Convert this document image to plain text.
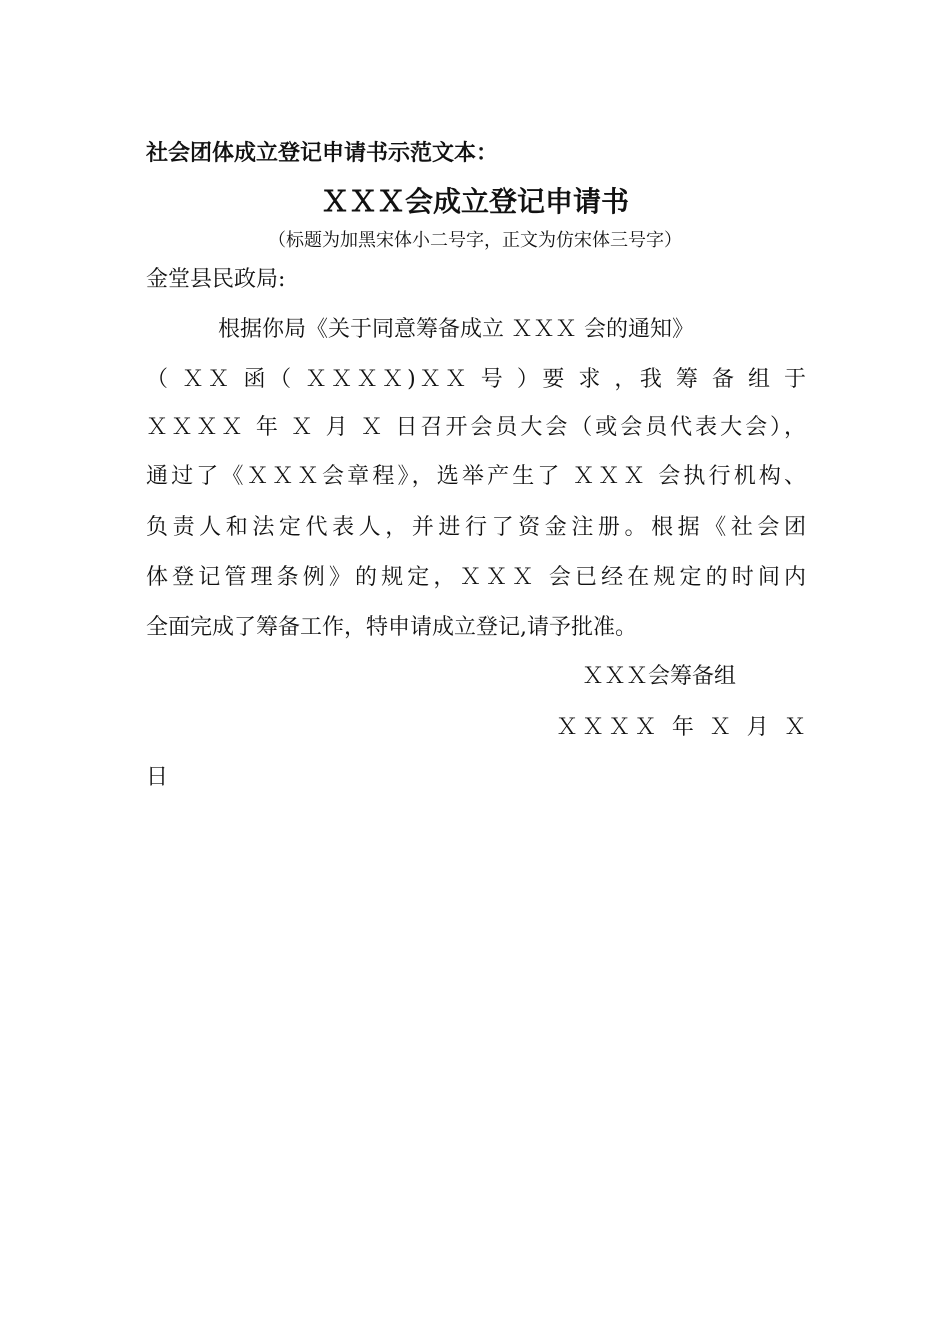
社会团体成立登记申请书示范文本：
ＸＸＸ会成立登记申请书
（标题为加黑宋体小二号字，正文为仿宋体三号字）
金堂县民政局:
根据你局《关于同意筹备成立 ＸＸＸ 会的通知》
（ ＸＸ 函（ ＸＸＸＸ)ＸＸ 号 ）要 求 ，我 筹 备 组 于
ＸＸＸＸ 年 Ｘ 月 Ｘ 日召开会员大会（或会员代表大会），
通过了《ＸＸＸ会章程》，选举产生了 ＸＸＸ 会执行机构、
负责人和法定代表人，并进行了资金注册。根据《社会团
体登记管理条例》的规定，ＸＸＸ 会已经在规定的时间内
全面完成了筹备工作，特申请成立登记,请予批准。
ＸＸＸ会筹备组
ＸＸＸＸ 年 Ｘ 月 Ｘ
日
